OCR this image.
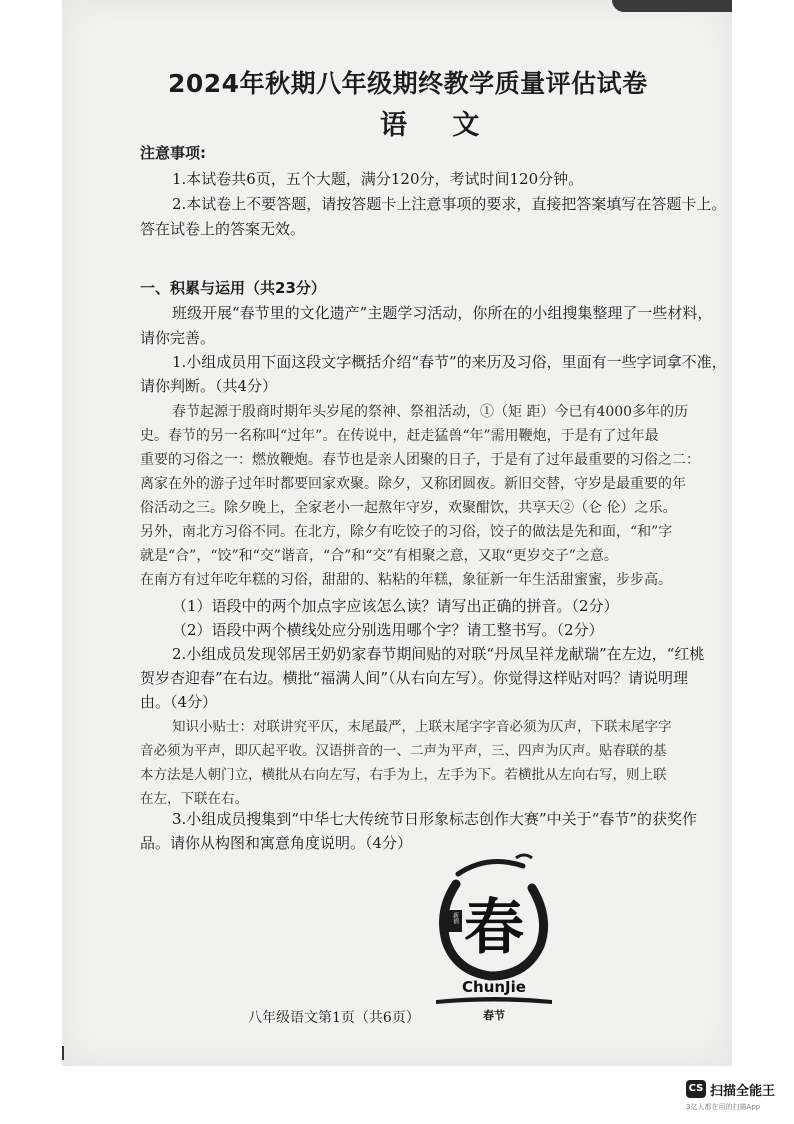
2024年秋期八年级期终教学质量评估试卷
语 文
注意事项:
1.本试卷共6页，五个大题，满分120分，考试时间120分钟。
2.本试卷上不要答题，请按答题卡上注意事项的要求，直接把答案填写在答题卡上。
答在试卷上的答案无效。
一、积累与运用（共23分）
班级开展“春节里的文化遗产”主题学习活动，你所在的小组搜集整理了一些材料，
请你完善。
1.小组成员用下面这段文字概括介绍“春节”的来历及习俗，里面有一些字词拿不准，
请你判断。（共4分）
春节起源于殷商时期年头岁尾的祭神、祭祖活动，①（矩 距）今已有4000多年的历
史。春节的另一名称叫“过年”。在传说中，赶走猛兽“年”需用鞭炮，于是有了过年最
重要的习俗之一：燃放鞭炮。春节也是亲人团聚的日子，于是有了过年最重要的习俗之二：
离家在外的游子过年时都要回家欢聚。除夕，又称团圆夜。新旧交替，守岁是最重要的年
俗活动之三。除夕晚上，全家老小一起熬年守岁，欢聚酣饮，共享天②（仑 伦）之乐。
另外，南北方习俗不同。在北方，除夕有吃饺子的习俗，饺子的做法是先和面，“和”字
就是“合”，“饺”和“交”谐音，“合”和“交”有相聚之意，又取“更岁交子”之意。
在南方有过年吃年糕的习俗，甜甜的、粘粘的年糕，象征新一年生活甜蜜蜜，步步高。
（1）语段中的两个加点字应该怎么读？请写出正确的拼音。（2分）
（2）语段中两个横线处应分别选用哪个字？请工整书写。（2分）
2.小组成员发现邻居王奶奶家春节期间贴的对联“丹凤呈祥龙献瑞”在左边，“红桃
贺岁杏迎春”在右边。横批“福满人间”（从右向左写）。你觉得这样贴对吗？请说明理
由。（4分）
知识小贴士：对联讲究平仄，末尾最严，上联末尾字字音必须为仄声，下联末尾字字
音必须为平声，即仄起平收。汉语拼音的一、二声为平声，三、四声为仄声。贴春联的基
本方法是人朝门立，横批从右向左写，右手为上，左手为下。若横批从左向右写，则上联
在左，下联在右。
3.小组成员搜集到“中华七大传统节日形象标志创作大赛”中关于“春节”的获奖作
品。请你从构图和寓意角度说明。（4分）
春
新禧
ChunJie
春节
八年级语文第1页（共6页）
CS 扫描全能王
3亿人都在用的扫描App
